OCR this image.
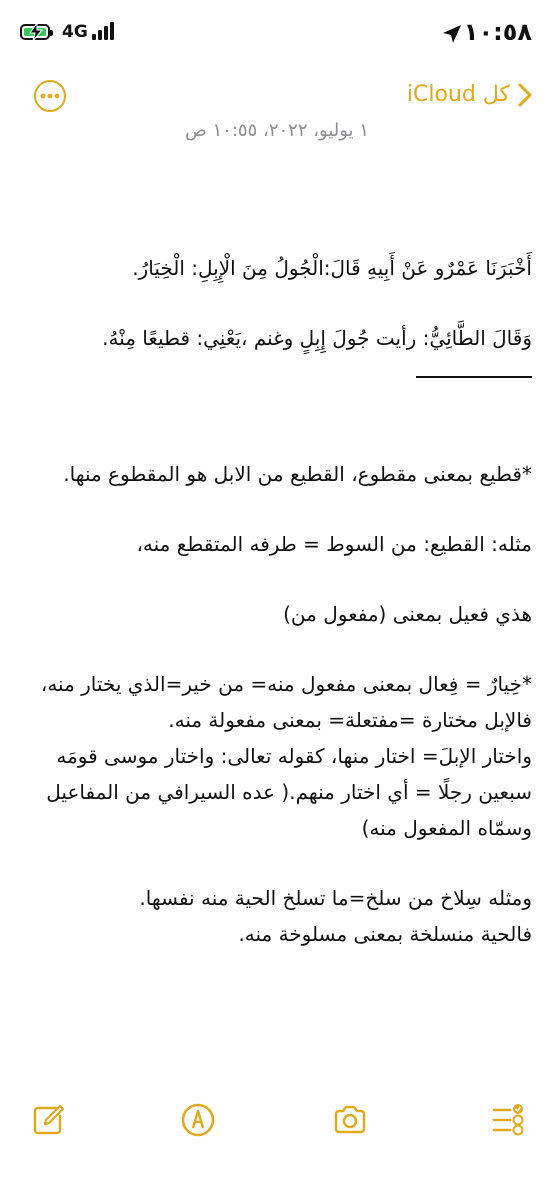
4G	١٠:٥٨
كل iCloud
١ يوليو، ٢٠٢٢، ١٠:٥٥ ص

أَخْبَرَنَا عَمْرٌو عَنْ أَبِيهِ قَالَ:الْجُولُ مِنَ الْإِبِلِ: الْخِيَارُ.

وَقَالَ الطَّائِيُّ: رأيت جُولَ إِبِلٍ وغنم ،يَعْنِي: قطيعًا مِنْهُ.

*قطيع بمعنى مقطوع، القطيع من الابل هو المقطوع منها.

مثله: القطيع: من السوط = طرفه المتقطع منه،

هذي فعيل بمعنى (مفعول من)

*خِيارٌ = فِعال بمعنى مفعول منه= من خير=الذي يختار منه، فالإبل مختارة =مفتعلة= بمعنى مفعولة منه.

واختار الإبلَ= اختار منها، كقوله تعالى: واختار موسى قومَه سبعين رجلًا = أي اختار منهم.( عده السيرافي من المفاعيل وسمّاه المفعول منه)

ومثله سِلاخ من سلخ=ما تسلخ الحية منه نفسها.

فالحية منسلخة بمعنى مسلوخة منه.
